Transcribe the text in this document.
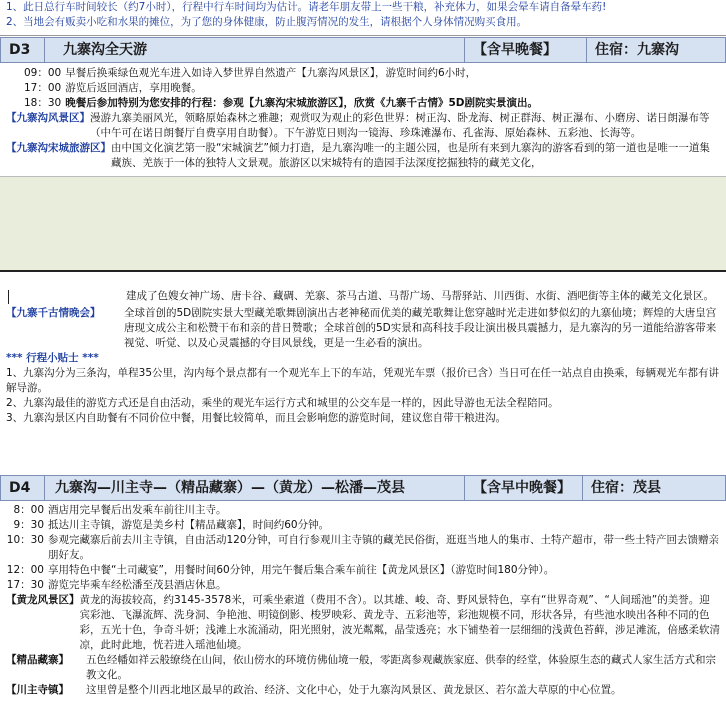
1、此日总行车时间较长（约7小时），行程中行车时间均为估计。请老年朋友带上一些干粮，补充体力，如果会晕车请自备晕车药!
2、当地会有贩卖小吃和水果的摊位，为了您的身体健康，防止腹泻情况的发生，请根据个人身体情况购买食用。
D3	九寨沟全天游	【含早晚餐】	住宿：九寨沟
09：00 早餐后换乘绿色观光车进入如诗入梦世界自然遗产【九寨沟风景区】，游览时间约6小时，
17：00 游览后返回酒店，享用晚餐。
18：30 晚餐后参加特别为您安排的行程：参观【九寨沟宋城旅游区】，欣赏《九寨千古情》5D剧院实景演出。
【九寨沟风景区】 漫游九寨美丽风光，领略原始森林之雅趣；观赏叹为观止的彩色世界：树正沟、卧龙海、树正群海、树正瀑布、小磨房、诺日朗瀑布等（中午可在诺日朗餐厅自费享用自助餐）。下午游览日则沟一镜海、珍珠滩瀑布、孔雀海、原始森林、五彩池、长海等。
【九寨沟宋城旅游区】 由中国文化演艺第一股“宋城演艺”倾力打造，是九寨沟唯一的主题公园，也是所有来到九寨沟的游客看到的第一道也是唯一一道集藏族、羌族于一体的独特人文景观。旅游区以宋城特有的造园手法深度挖掘独特的藏羌文化，
建成了色嫂女神广场、唐卡谷、藏碉、羌寨、茶马古道、马帮广场、马帮驿站、川西街、水街、酒吧街等主体的藏羌文化景区。
【九寨千古情晚会】	全球首创的5D剧院实景大型藏羌歌舞剧演出古老神秘而优美的藏羌歌舞让您穿越时光走进如梦似幻的九寨仙境；辉煌的大唐皇宫唐现文成公主和松赞干布和亲的昔日赞歌；全球首创的5D实景和高科技手段让演出极具震撼力，是九寨沟的另一道能给游客带来视觉、听觉、以及心灵震撼的夺目风景线，更是一生必看的演出。
*** 行程小贴士 ***
1、九寨沟分为三条沟，单程35公里，沟内每个景点都有一个观光车上下的车站，凭观光车票（报价已含）当日可在任一站点自由换乘，每辆观光车都有讲解导游。
2、九寨沟最佳的游览方式还是自由活动，乘坐的观光车运行方式和城里的公交车是一样的，因此导游也无法全程陪同。
3、九寨沟景区内自助餐有不同价位中餐，用餐比较简单，而且会影响您的游览时间，建议您自带干粮进沟。
D4	九寨沟—川主寺—（精品藏寨）—（黄龙）—松潘—茂县	【含早中晚餐】	住宿：茂县
8：00 酒店用完早餐后出发乘车前往川主寺。
9：30 抵达川主寺镇，游览是美乡村【精品藏寨】，时间约60分钟。
10：30 参观完藏寨后前去川主寺镇，自由活动120分钟，可自行参观川主寺镇的藏羌民俗街，逛逛当地人的集市、土特产超市，带一些土特产回去馈赠亲朋好友。
12：00 享用特色中餐“土司藏宴”，用餐时间60分钟，用完午餐后集合乘车前往【黄龙风景区】（游览时间180分钟）。
17：30 游览完毕乘车经松潘至茂县酒店休息。
【黄龙风景区】 黄龙的海拔较高，约3145-3578米，可乘坐索道（费用不含）。以其雄、峻、奇、野风景特色，享有“世界奇观”、“人间瑶池”的美誉。迎宾彩池、飞瀑流辉、洗身洞、争艳池、明镜倒影、梭罗映彩、黄龙寺、五彩池等，彩池规模不同，形状各异，有些池水映出各种不同的色彩，五光十色，争奇斗妍；浅滩上水流涌动，阳光照射，波光粼粼，晶莹透亮；水下铺垫着一层细细的浅黄色苔藓，涉足滩流，倍感柔软清凉，此时此地，恍若进入瑶池仙境。
【精品藏寨】	五色经幡如祥云般缭绕在山间，依山傍水的环境仿佛仙境一般，零距离参观藏族家庭、供奉的经堂，体验原生态的藏式人家生活方式和宗教文化。
【川主寺镇】	这里曾是整个川西北地区最早的政治、经济、文化中心，处于九寨沟风景区、黄龙景区、若尔盖大草原的中心位置。
